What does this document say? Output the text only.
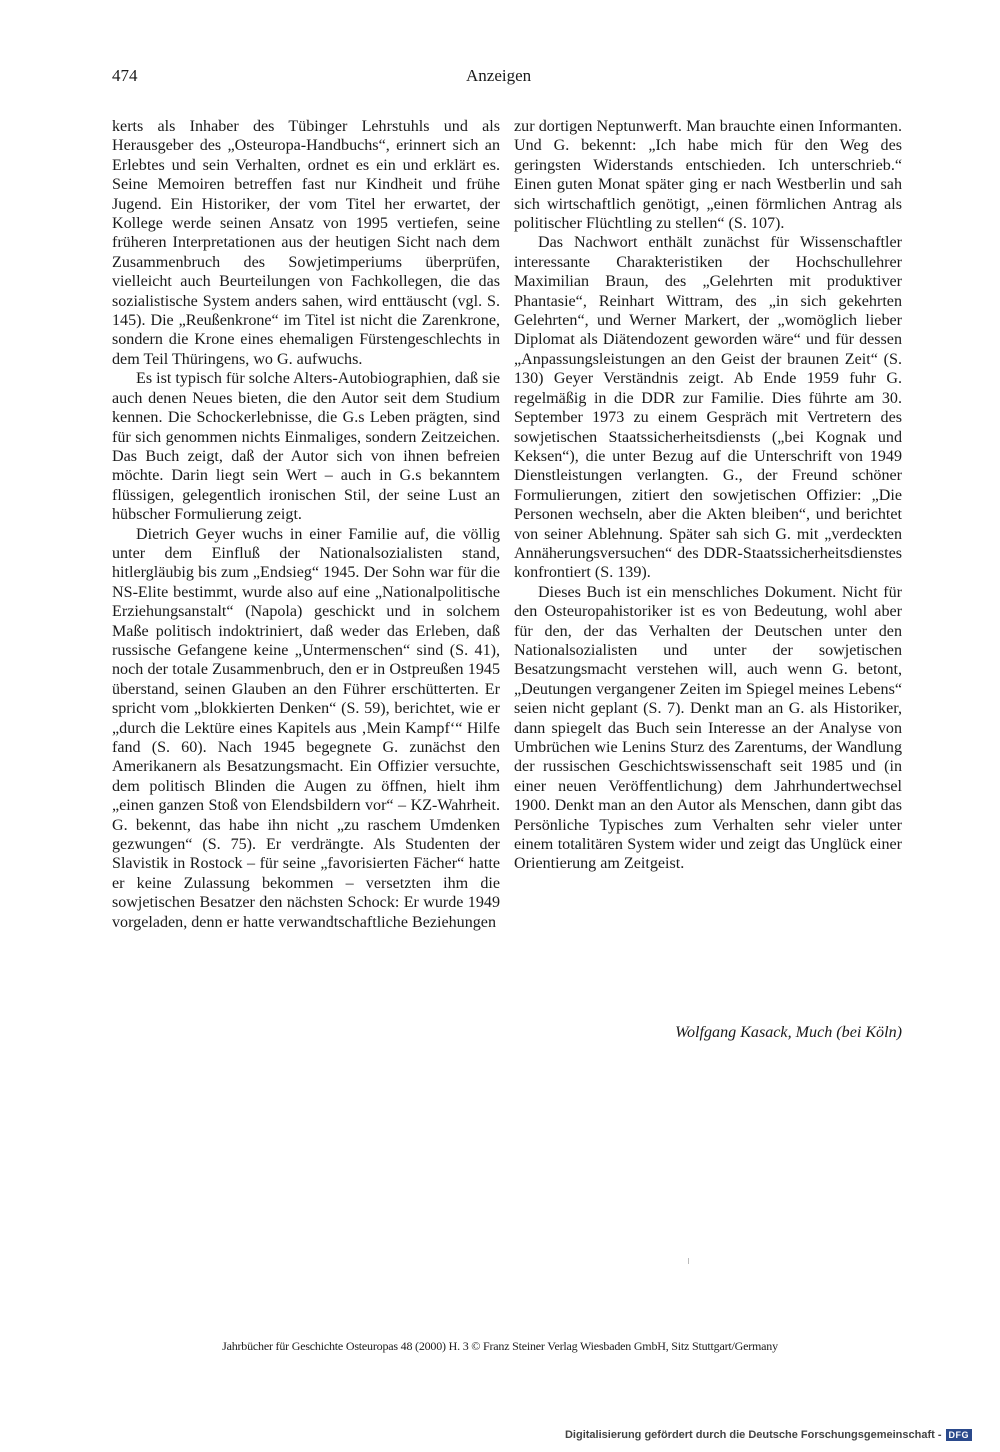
474	Anzeigen

kerts als Inhaber des Tübinger Lehrstuhls und als Herausgeber des „Osteuropa-Handbuchs“, erinnert sich an Erlebtes und sein Verhalten, ordnet es ein und erklärt es. Seine Memoiren betreffen fast nur Kindheit und frühe Jugend. Ein Historiker, der vom Titel her erwartet, der Kollege werde seinen Ansatz von 1995 vertiefen, seine früheren Interpretationen aus der heutigen Sicht nach dem Zusammenbruch des Sowjetimperiums überprüfen, vielleicht auch Beurteilungen von Fachkollegen, die das sozialistische System anders sahen, wird enttäuscht (vgl. S. 145). Die „Reußenkrone“ im Titel ist nicht die Zarenkrone, sondern die Krone eines ehemaligen Fürstengeschlechts in dem Teil Thüringens, wo G. aufwuchs.

Es ist typisch für solche Alters-Autobiographien, daß sie auch denen Neues bieten, die den Autor seit dem Studium kennen. Die Schockerlebnisse, die G.s Leben prägten, sind für sich genommen nichts Einmaliges, sondern Zeitzeichen. Das Buch zeigt, daß der Autor sich von ihnen befreien möchte. Darin liegt sein Wert – auch in G.s bekanntem flüssigen, gelegentlich ironischen Stil, der seine Lust an hübscher Formulierung zeigt.

Dietrich Geyer wuchs in einer Familie auf, die völlig unter dem Einfluß der Nationalsozialisten stand, hitlergläubig bis zum „Endsieg“ 1945. Der Sohn war für die NS-Elite bestimmt, wurde also auf eine „Nationalpolitische Erziehungsanstalt“ (Napola) geschickt und in solchem Maße politisch indoktriniert, daß weder das Erleben, daß russische Gefangene keine „Untermenschen“ sind (S. 41), noch der totale Zusammenbruch, den er in Ostpreußen 1945 überstand, seinen Glauben an den Führer erschütterten. Er spricht vom „blokkierten Denken“ (S. 59), berichtet, wie er „durch die Lektüre eines Kapitels aus ‚Mein Kampf‘“ Hilfe fand (S. 60). Nach 1945 begegnete G. zunächst den Amerikanern als Besatzungsmacht. Ein Offizier versuchte, dem politisch Blinden die Augen zu öffnen, hielt ihm „einen ganzen Stoß von Elendsbildern vor“ – KZ-Wahrheit. G. bekennt, das habe ihn nicht „zu raschem Umdenken gezwungen“ (S. 75). Er verdrängte. Als Studenten der Slavistik in Rostock – für seine „favorisierten Fächer“ hatte er keine Zulassung bekommen – versetzten ihm die sowjetischen Besatzer den nächsten Schock: Er wurde 1949 vorgeladen, denn er hatte verwandtschaftliche Beziehungen

zur dortigen Neptunwerft. Man brauchte einen Informanten. Und G. bekennt: „Ich habe mich für den Weg des geringsten Widerstands entschieden. Ich unterschrieb.“ Einen guten Monat später ging er nach Westberlin und sah sich wirtschaftlich genötigt, „einen förmlichen Antrag als politischer Flüchtling zu stellen“ (S. 107).

Das Nachwort enthält zunächst für Wissenschaftler interessante Charakteristiken der Hochschullehrer Maximilian Braun, des „Gelehrten mit produktiver Phantasie“, Reinhart Wittram, des „in sich gekehrten Gelehrten“, und Werner Markert, der „womöglich lieber Diplomat als Diätendozent geworden wäre“ und für dessen „Anpassungsleistungen an den Geist der braunen Zeit“ (S. 130) Geyer Verständnis zeigt. Ab Ende 1959 fuhr G. regelmäßig in die DDR zur Familie. Dies führte am 30. September 1973 zu einem Gespräch mit Vertretern des sowjetischen Staatssicherheitsdiensts („bei Kognak und Keksen“), die unter Bezug auf die Unterschrift von 1949 Dienstleistungen verlangten. G., der Freund schöner Formulierungen, zitiert den sowjetischen Offizier: „Die Personen wechseln, aber die Akten bleiben“, und berichtet von seiner Ablehnung. Später sah sich G. mit „verdeckten Annäherungsversuchen“ des DDR-Staatssicherheitsdienstes konfrontiert (S. 139).

Dieses Buch ist ein menschliches Dokument. Nicht für den Osteuropahistoriker ist es von Bedeutung, wohl aber für den, der das Verhalten der Deutschen unter den Nationalsozialisten und unter der sowjetischen Besatzungsmacht verstehen will, auch wenn G. betont, „Deutungen vergangener Zeiten im Spiegel meines Lebens“ seien nicht geplant (S. 7). Denkt man an G. als Historiker, dann spiegelt das Buch sein Interesse an der Analyse von Umbrüchen wie Lenins Sturz des Zarentums, der Wandlung der russischen Geschichtswissenschaft seit 1985 und (in einer neuen Veröffentlichung) dem Jahrhundertwechsel 1900. Denkt man an den Autor als Menschen, dann gibt das Persönliche Typisches zum Verhalten sehr vieler unter einem totalitären System wider und zeigt das Unglück einer Orientierung am Zeitgeist.

Wolfgang Kasack, Much (bei Köln)
Jahrbücher für Geschichte Osteuropas 48 (2000) H. 3 © Franz Steiner Verlag Wiesbaden GmbH, Sitz Stuttgart/Germany
Digitalisierung gefördert durch die Deutsche Forschungsgemeinschaft - DFG
